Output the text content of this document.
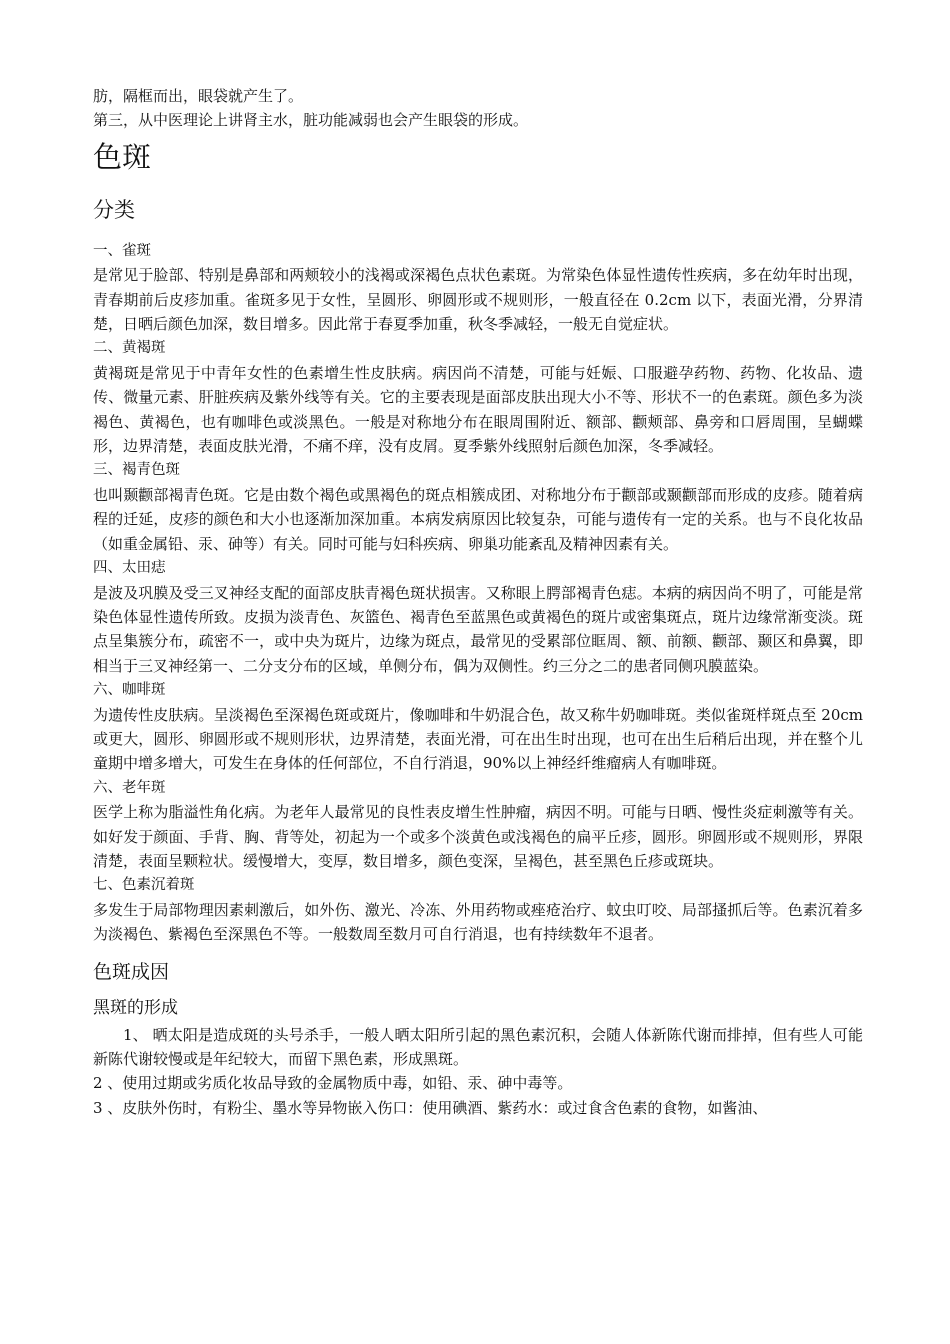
肪，隔框而出，眼袋就产生了。

第三，从中医理论上讲肾主水，脏功能减弱也会产生眼袋的形成。

色斑
分类

一、雀斑

是常见于脸部、特别是鼻部和两颊较小的浅褐或深褐色点状色素斑。为常染色体显性遗传性疾病，多在幼年时出现，青春期前后皮疹加重。雀斑多见于女性，呈圆形、卵圆形或不规则形，一般直径在 0.2cm 以下，表面光滑，分界清楚，日晒后颜色加深，数目增多。因此常于春夏季加重，秋冬季减轻，一般无自觉症状。

二、黄褐斑

黄褐斑是常见于中青年女性的色素增生性皮肤病。病因尚不清楚，可能与妊娠、口服避孕药物、药物、化妆品、遗传、微量元素、肝脏疾病及紫外线等有关。它的主要表现是面部皮肤出现大小不等、形状不一的色素斑。颜色多为淡褐色、黄褐色，也有咖啡色或淡黑色。一般是对称地分布在眼周围附近、额部、颧颊部、鼻旁和口唇周围，呈蝴蝶形，边界清楚，表面皮肤光滑，不痛不痒，没有皮屑。夏季紫外线照射后颜色加深，冬季减轻。

三、褐青色斑

也叫颞颧部褐青色斑。它是由数个褐色或黑褐色的斑点相簇成团、对称地分布于颧部或颞颧部而形成的皮疹。随着病程的迁延，皮疹的颜色和大小也逐渐加深加重。本病发病原因比较复杂，可能与遗传有一定的关系。也与不良化妆品（如重金属铅、汞、砷等）有关。同时可能与妇科疾病、卵巢功能紊乱及精神因素有关。

四、太田痣

是波及巩膜及受三叉神经支配的面部皮肤青褐色斑状损害。又称眼上腭部褐青色痣。本病的病因尚不明了，可能是常染色体显性遗传所致。皮损为淡青色、灰篮色、褐青色至蓝黑色或黄褐色的斑片或密集斑点，斑片边缘常渐变淡。斑点呈集簇分布，疏密不一，或中央为斑片，边缘为斑点，最常见的受累部位眶周、额、前额、颧部、颞区和鼻翼，即相当于三叉神经第一、二分支分布的区域，单侧分布，偶为双侧性。约三分之二的患者同侧巩膜蓝染。

六、咖啡斑

为遗传性皮肤病。呈淡褐色至深褐色斑或斑片，像咖啡和牛奶混合色，故又称牛奶咖啡斑。类似雀斑样斑点至 20cm 或更大，圆形、卵圆形或不规则形状，边界清楚，表面光滑，可在出生时出现，也可在出生后稍后出现，并在整个儿童期中增多增大，可发生在身体的任何部位，不自行消退，90%以上神经纤维瘤病人有咖啡斑。

六、老年斑

医学上称为脂溢性角化病。为老年人最常见的良性表皮增生性肿瘤，病因不明。可能与日晒、慢性炎症刺激等有关。如好发于颜面、手背、胸、背等处，初起为一个或多个淡黄色或浅褐色的扁平丘疹，圆形。卵圆形或不规则形，界限清楚，表面呈颗粒状。缓慢增大，变厚，数目增多，颜色变深，呈褐色，甚至黑色丘疹或斑块。

七、色素沉着斑

多发生于局部物理因素刺激后，如外伤、激光、冷冻、外用药物或痤疮治疗、蚊虫叮咬、局部搔抓后等。色素沉着多为淡褐色、紫褐色至深黑色不等。一般数周至数月可自行消退，也有持续数年不退者。

色斑成因
黑斑的形成

1、 晒太阳是造成斑的头号杀手，一般人晒太阳所引起的黑色素沉积，会随人体新陈代谢而排掉，但有些人可能新陈代谢较慢或是年纪较大，而留下黑色素，形成黑斑。

2 、使用过期或劣质化妆品导致的金属物质中毒，如铅、汞、砷中毒等。

3 、皮肤外伤时，有粉尘、墨水等异物嵌入伤口：使用碘酒、紫药水：或过食含色素的食物，如酱油、
